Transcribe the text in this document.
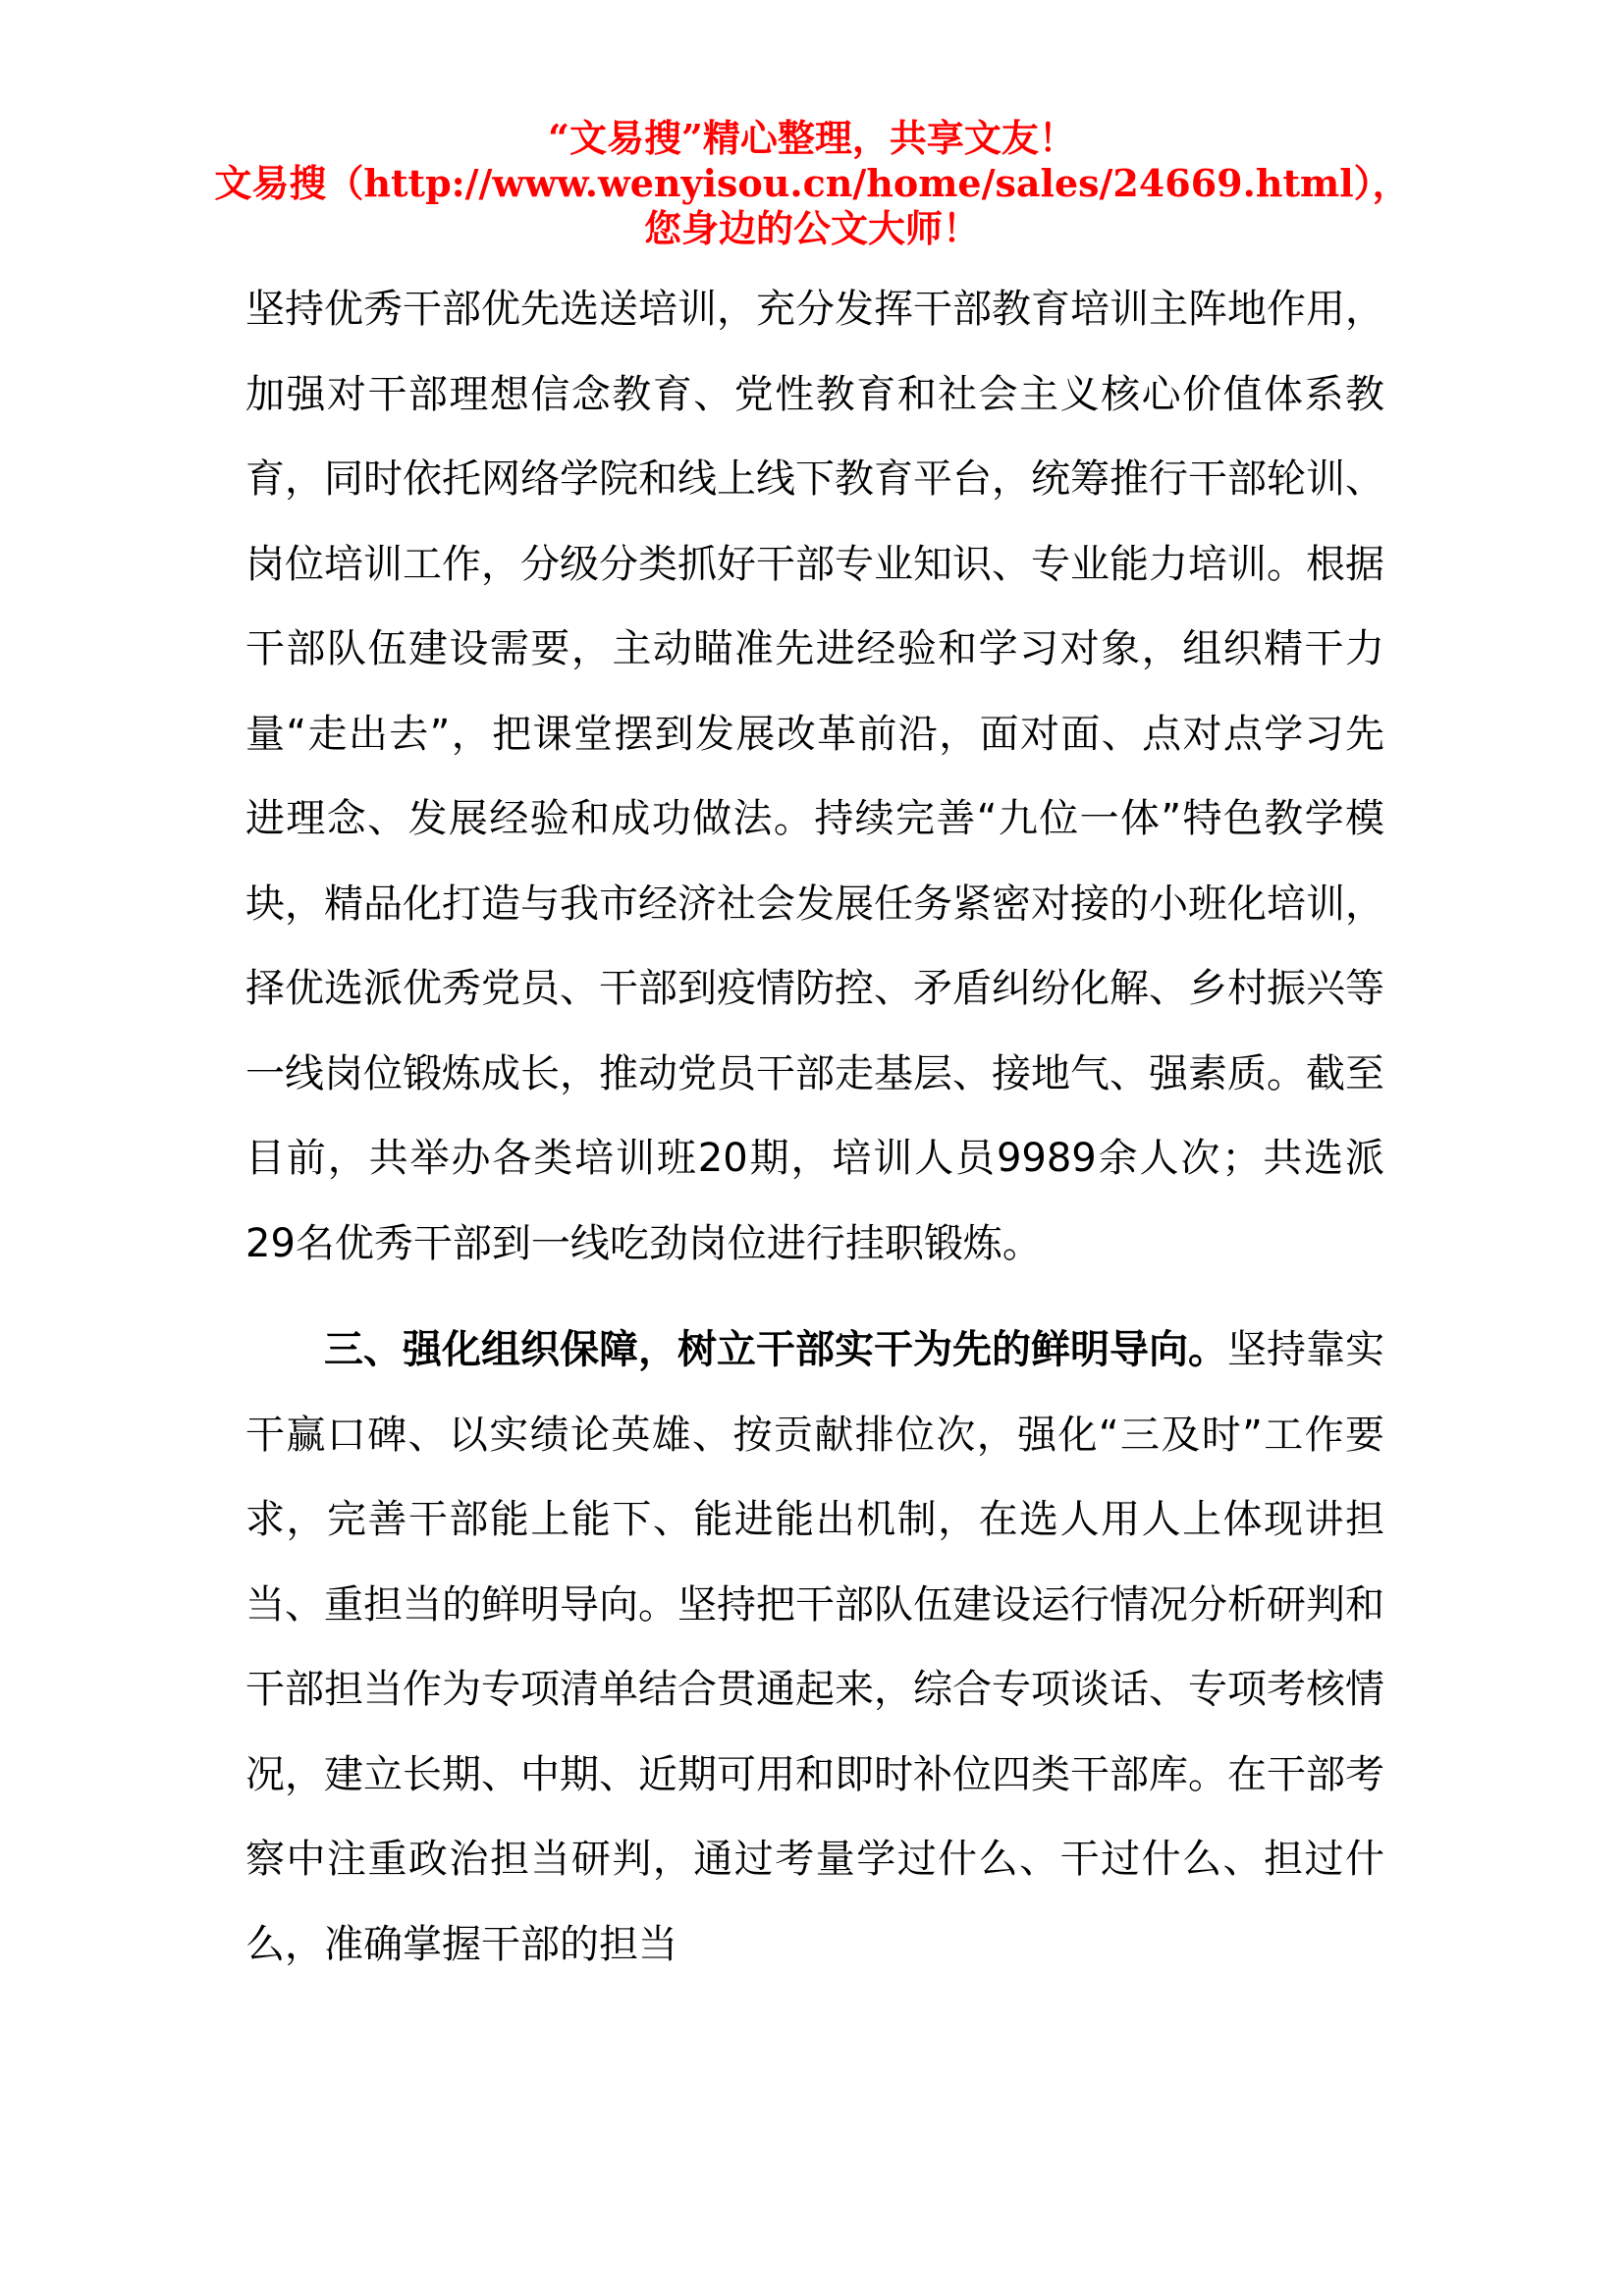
“文易搜”精心整理，共享文友！
文易搜（http://www.wenyisou.cn/home/sales/24669.html），您身边的公文大师！

坚持优秀干部优先选送培训，充分发挥干部教育培训主阵地作用，加强对干部理想信念教育、党性教育和社会主义核心价值体系教育，同时依托网络学院和线上线下教育平台，统筹推行干部轮训、岗位培训工作，分级分类抓好干部专业知识、专业能力培训。根据干部队伍建设需要，主动瞄准先进经验和学习对象，组织精干力量“走出去”，把课堂摆到发展改革前沿，面对面、点对点学习先进理念、发展经验和成功做法。持续完善“九位一体”特色教学模块，精品化打造与我市经济社会发展任务紧密对接的小班化培训，择优选派优秀党员、干部到疫情防控、矛盾纠纷化解、乡村振兴等一线岗位锻炼成长，推动党员干部走基层、接地气、强素质。截至目前，共举办各类培训班20期，培训人员9989余人次；共选派29名优秀干部到一线吃劲岗位进行挂职锻炼。

三、强化组织保障，树立干部实干为先的鲜明导向。坚持靠实干赢口碑、以实绩论英雄、按贡献排位次，强化“三及时”工作要求，完善干部能上能下、能进能出机制，在选人用人上体现讲担当、重担当的鲜明导向。坚持把干部队伍建设运行情况分析研判和干部担当作为专项清单结合贯通起来，综合专项谈话、专项考核情况，建立长期、中期、近期可用和即时补位四类干部库。在干部考察中注重政治担当研判，通过考量学过什么、干过什么、担过什么，准确掌握干部的担当
